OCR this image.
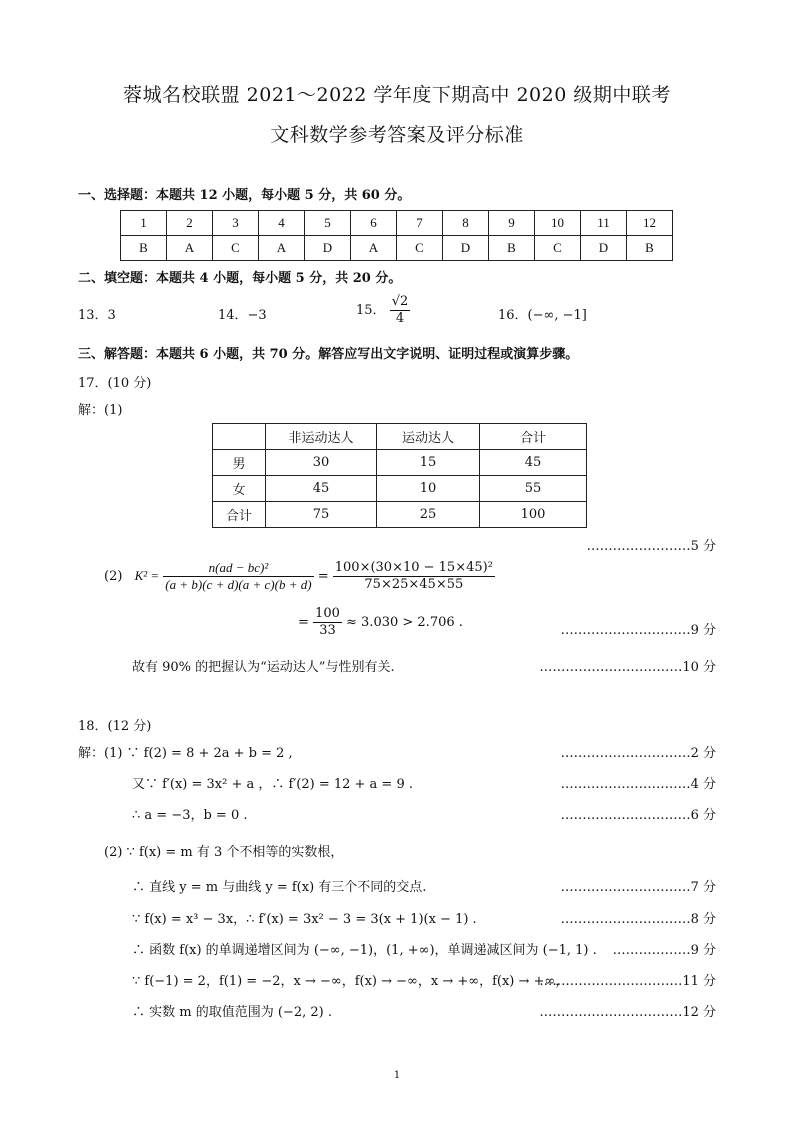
蓉城名校联盟 2021～2022 学年度下期高中 2020 级期中联考
文科数学参考答案及评分标准
一、选择题：本题共 12 小题，每小题 5 分，共 60 分。
1	2	3	4	5	6	7	8	9	10	11	12
B	A	C	A	D	A	C	D	B	C	D	B
二、填空题：本题共 4 小题，每小题 5 分，共 20 分。
13．3	14．−3	15． $\frac{√2}{4}$	16．(−∞, −1]
三、解答题：本题共 6 小题，共 70 分。解答应写出文字说明、证明过程或演算步骤。
17．(10 分)
解：(1)
	非运动达人	运动达人	合计
男	30	15	45
女	45	10	55
合计	75	25	100
……………………5 分
(2) $K^2 = \frac{\text{n(ad − bc)²}}{(a + b)(c + d)(a + c)(b + d)} = \frac{\text{100×(30×10 − 15×45)²}}{75\times 25\times 45\times 55}$
= $\frac{100}{33} \approx 3.030 > 2.706$ .
…………………………9 分
故有 90% 的把握认为“运动达人”与性别有关.	……………………………10 分
18．(12 分)
解：(1) ∵ f(2) = 8 + 2a + b = 2 ,	…………………………2 分
又∵ f′(x) = 3x² + a ，∴ f′(2) = 12 + a = 9 .	…………………………4 分
∴ a = −3，b = 0 .	…………………………6 分
(2) ∵ f(x) = m 有 3 个不相等的实数根，
∴ 直线 y = m 与曲线 y = f(x) 有三个不同的交点.	…………………………7 分
∵ f(x) = x³ − 3x，∴ f′(x) = 3x² − 3 = 3(x + 1)(x − 1) .	…………………………8 分
∴ 函数 f(x) 的单调递增区间为 (−∞, −1)，(1, +∞)，单调递减区间为 (−1, 1) . ………………9 分
∵ f(−1) = 2，f(1) = −2，x → −∞，f(x) → −∞，x → +∞，f(x) → +∞，
……………………………11 分
∴ 实数 m 的取值范围为 (−2, 2) .	……………………………12 分
1
